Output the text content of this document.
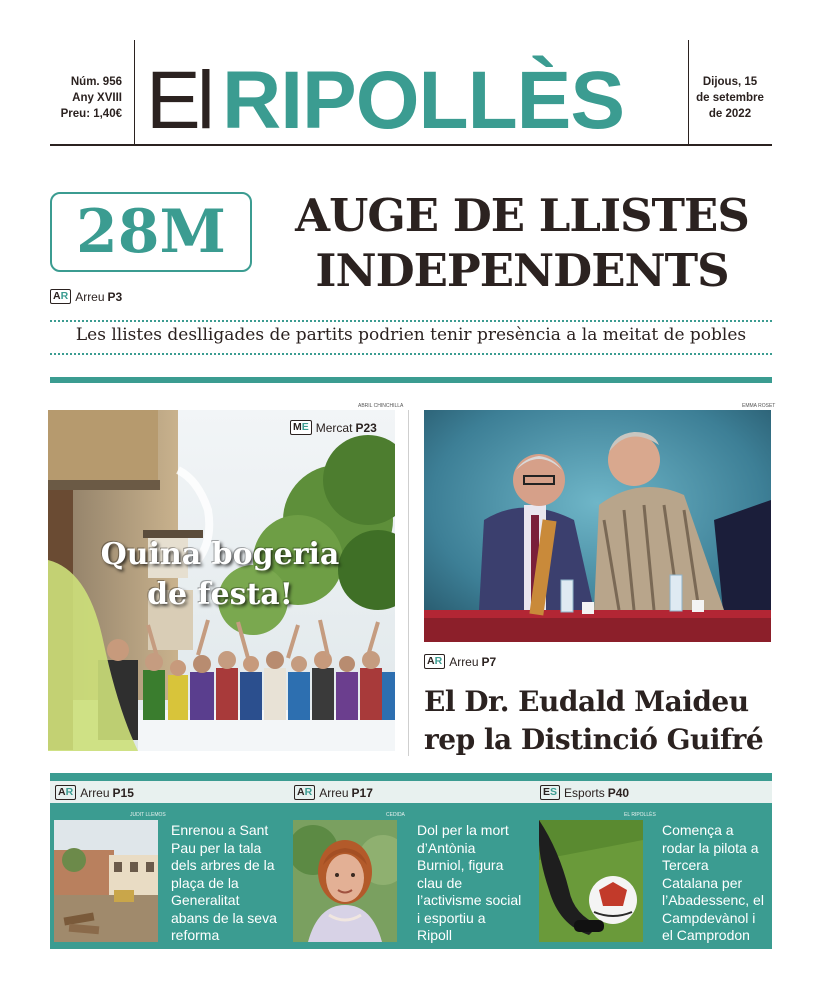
Núm. 956
Any XVIII
Preu: 1,40€ El RIPOLLÈS	Dijous, 15
de setembre
de 2022
28M	AUGE DE LLISTES
INDEPENDENTS
AR Arreu P3
Les llistes deslligades de partits podrien tenir presència a la meitat de pobles
ABRIL CHINCHILLA
ME Mercat P23
Quina bogeria
de festa!
EMMA ROSET
AR Arreu P7
El Dr. Eudald Maideu
rep la Distinció Guifré
AR Arreu P15
JUDIT LLEMOS
Enrenou a Sant
Pau per la tala
dels arbres de la
plaça de la
Generalitat
abans de la seva
reforma
AR Arreu P17
CEDIDA
Dol per la mort
d’Antònia
Burniol, figura
clau de
l’activisme social
i esportiu a
Ripoll
ES Esports P40
EL RIPOLLÈS
Comença a
rodar la pilota a
Tercera
Catalana per
l’Abadessenc, el
Campdevànol i
el Camprodon
